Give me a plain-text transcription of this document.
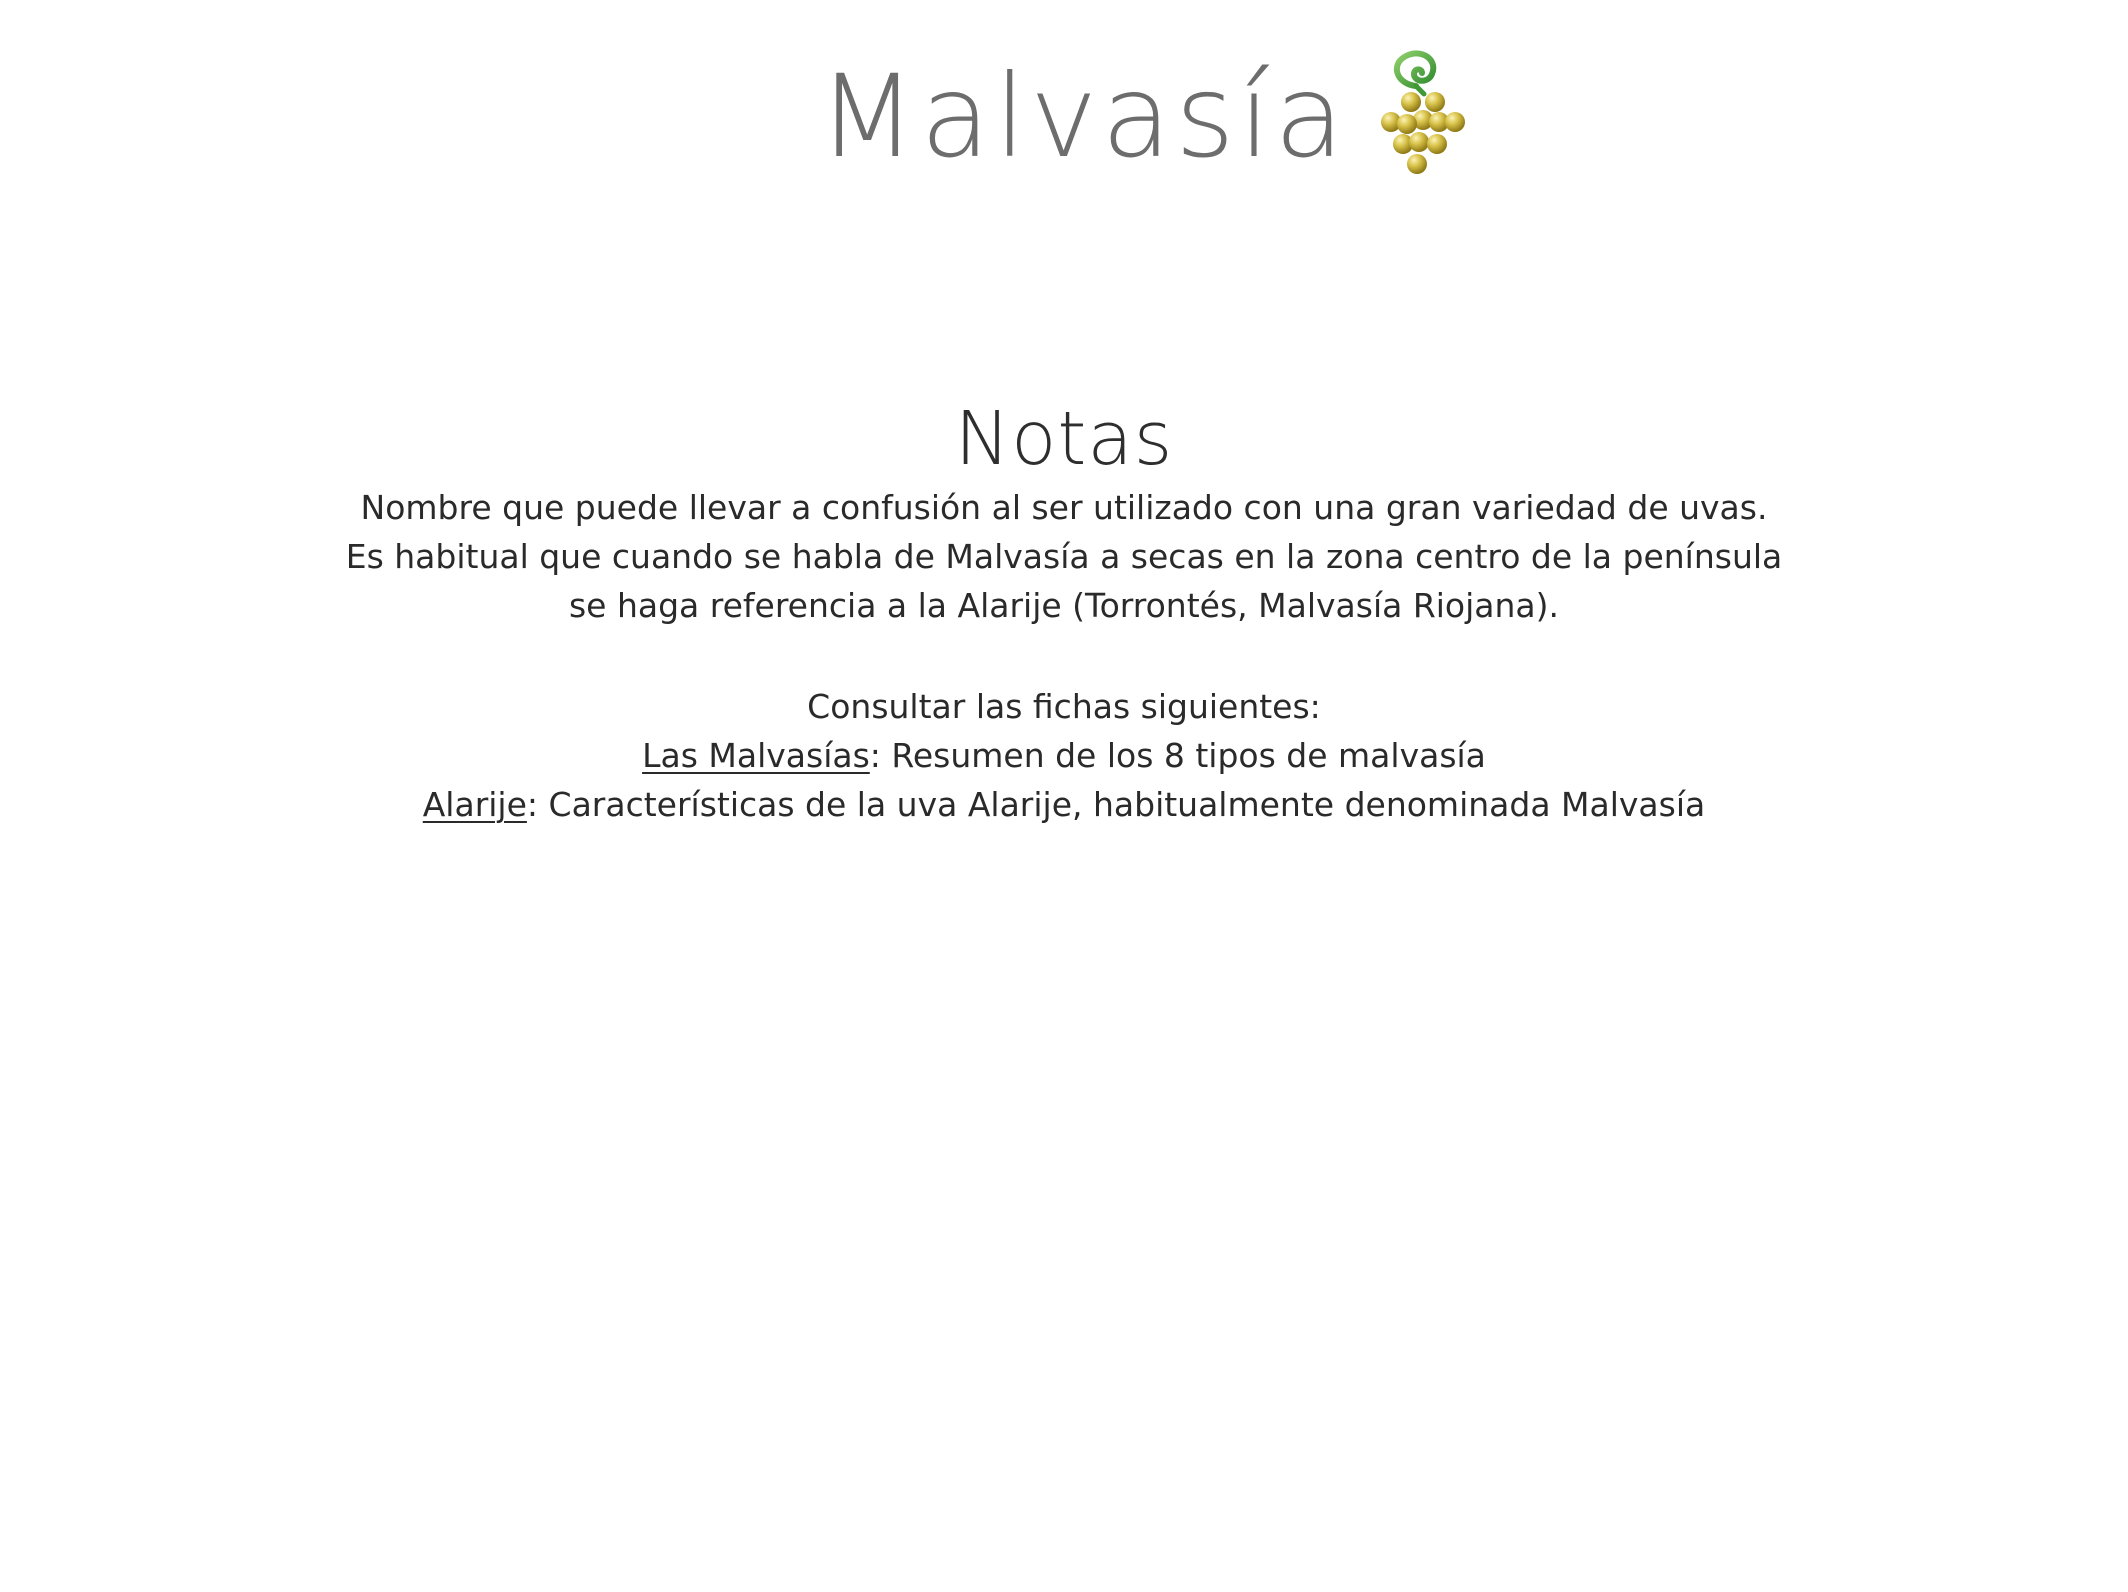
Malvasía
Notas

Nombre que puede llevar a confusión al ser utilizado con una gran variedad de uvas.

Es habitual que cuando se habla de Malvasía a secas en la zona centro de la península

se haga referencia a la Alarije (Torrontés, Malvasía Riojana).

Consultar las fichas siguientes:

Las Malvasías: Resumen de los 8 tipos de malvasía

Alarije: Características de la uva Alarije, habitualmente denominada Malvasía
